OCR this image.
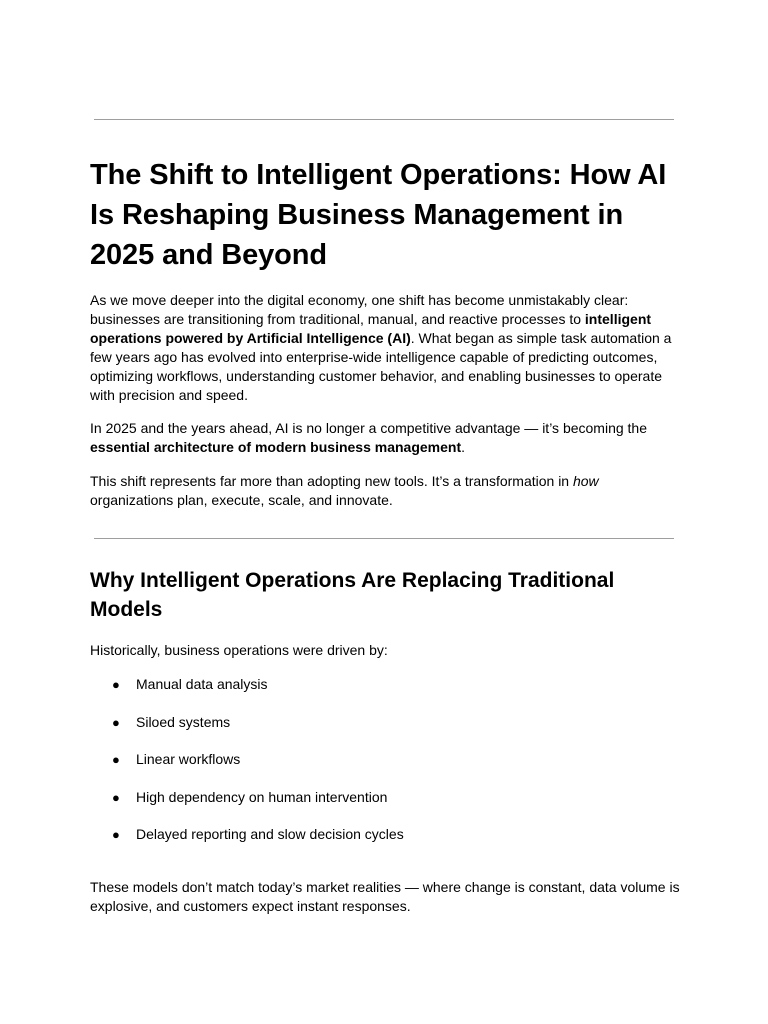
The Shift to Intelligent Operations: How AI Is Reshaping Business Management in 2025 and Beyond

As we move deeper into the digital economy, one shift has become unmistakably clear: businesses are transitioning from traditional, manual, and reactive processes to intelligent operations powered by Artificial Intelligence (AI). What began as simple task automation a few years ago has evolved into enterprise-wide intelligence capable of predicting outcomes, optimizing workflows, understanding customer behavior, and enabling businesses to operate with precision and speed.

In 2025 and the years ahead, AI is no longer a competitive advantage — it’s becoming the essential architecture of modern business management.

This shift represents far more than adopting new tools. It’s a transformation in how organizations plan, execute, scale, and innovate.

Why Intelligent Operations Are Replacing Traditional Models

Historically, business operations were driven by:

● Manual data analysis
● Siloed systems
● Linear workflows
● High dependency on human intervention
● Delayed reporting and slow decision cycles

These models don’t match today’s market realities — where change is constant, data volume is explosive, and customers expect instant responses.
